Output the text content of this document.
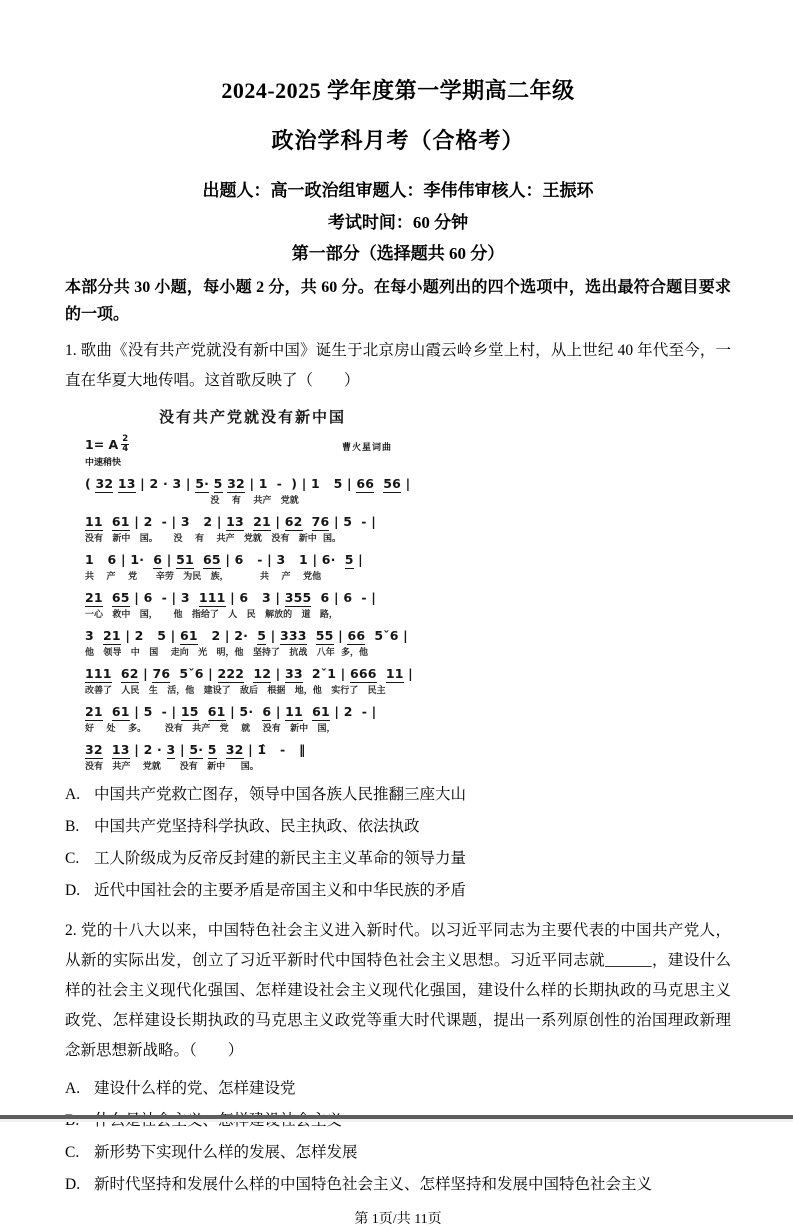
2024-2025 学年度第一学期高二年级
政治学科月考（合格考）
出题人：高一政治组审题人：李伟伟审核人：王振环
考试时间：60 分钟
第一部分（选择题共 60 分）
本部分共 30 小题，每小题 2 分，共 60 分。在每小题列出的四个选项中，选出最符合题目要求的一项。
1. 歌曲《没有共产党就没有新中国》诞生于北京房山霞云岭乡堂上村，从上世纪 40 年代至今，一直在华夏大地传唱。这首歌反映了（　　）
没有共产党就没有新中国
1= A $\frac{2}{4}$	曹火星词曲
中速稍快
( 32 13 | 2 · 3 | 5· 5 32 | 1  -  ) | 1   5 | 66 56 |
没    有    共产   党就
11 61 | 2  - | 3   2 | 13 21 | 62 76 | 5  - |
没有   新中   国。     没    有    共产   党就   没有   新中  国。
1   6 | 1·  6 | 51 65 | 6   - | 3   1 | 6·  5 |
共    产    党      辛劳   为民   族，          共    产    党他
21 65 | 6  - | 3  111 | 6   3 | 355  6 | 6  - |
一心   救中   国，     他   指给了   人   民   解放的   道   路，
3  21 | 2   5 | 61   2 | 2·  5 | 333 55 | 66  5ˇ6 |
他   领导   中   国    走向   光   明，他   坚持了   抗战   八年  多，他
111 62 | 76  5ˇ6 | 222 12 | 33  2ˇ1 | 666 11 |
改善了   人民   生   活，他   建设了   敌后   根据   地，他   实行了   民主
21 61 | 5  - | 15 61 | 5·  6 | 11 61 | 2  - |
好    处    多。      没有   共产   党    就    没有   新中   国，
32 13 | 2 · 3 | 5· 5 32 | 1̂   -   ‖
没有   共产    党就      没有   新中     国。
A. 中国共产党救亡图存，领导中国各族人民推翻三座大山
B. 中国共产党坚持科学执政、民主执政、依法执政
C. 工人阶级成为反帝反封建的新民主主义革命的领导力量
D. 近代中国社会的主要矛盾是帝国主义和中华民族的矛盾
2. 党的十八大以来，中国特色社会主义进入新时代。以习近平同志为主要代表的中国共产党人，从新的实际出发，创立了习近平新时代中国特色社会主义思想。习近平同志就______，建设什么样的社会主义现代化强国、怎样建设社会主义现代化强国，建设什么样的长期执政的马克思主义政党、怎样建设长期执政的马克思主义政党等重大时代课题，提出一系列原创性的治国理政新理念新思想新战略。（　　）
A. 建设什么样的党、怎样建设党
C. 新形势下实现什么样的发展、怎样发展
D. 新时代坚持和发展什么样的中国特色社会主义、怎样坚持和发展中国特色社会主义
第 1页/共 11页
